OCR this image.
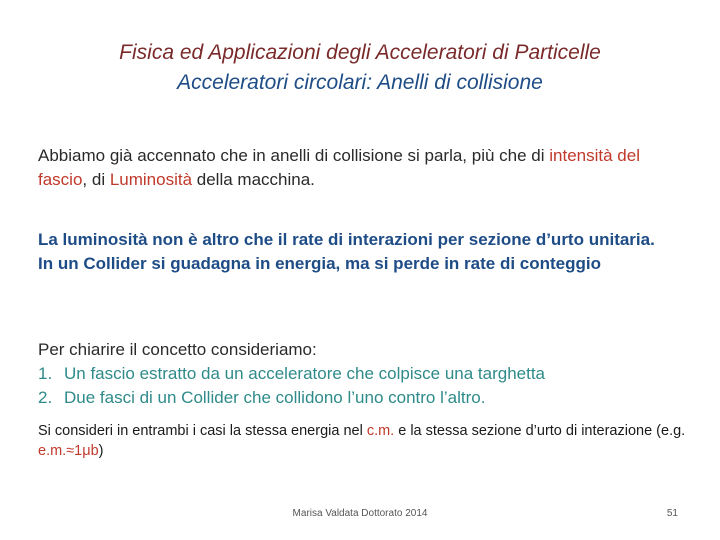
Fisica ed Applicazioni degli Acceleratori di Particelle
Acceleratori circolari: Anelli di collisione
Abbiamo già accennato che in anelli di collisione si parla, più che di intensità del fascio, di Luminosità della macchina.
La luminosità non è altro che il rate di interazioni per sezione d’urto unitaria.
In un Collider si guadagna in energia, ma si perde in rate di conteggio
Per chiarire il concetto consideriamo:
1. Un fascio estratto da un acceleratore che colpisce una targhetta
2. Due fasci di un Collider che collidono l’uno contro l’altro.
Si consideri in entrambi i casi la stessa energia nel c.m. e la stessa sezione d’urto di interazione (e.g. e.m.≈1μb)
Marisa Valdata Dottorato 2014	51
